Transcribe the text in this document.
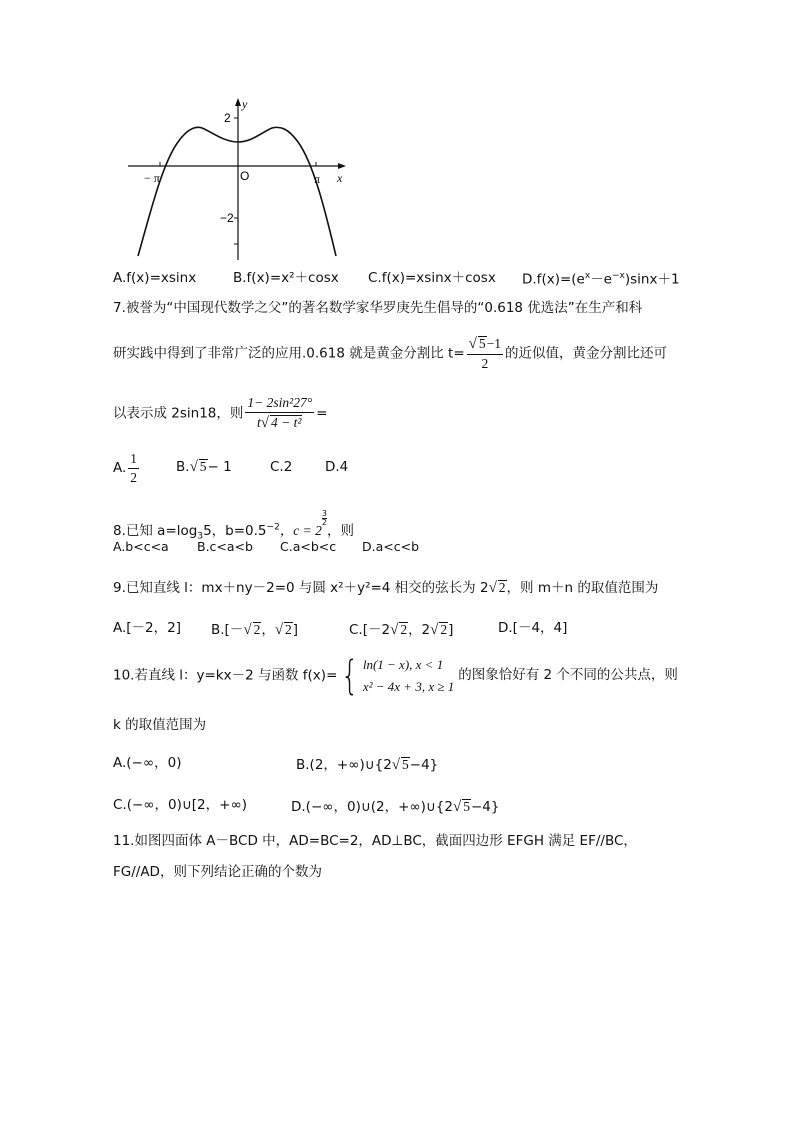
y
x
O
2
−2
− π	π
A.f(x)=xsinx	B.f(x)=x²＋cosx C.f(x)=xsinx＋cosx $D.f(x)=(e^x-e^{-x})\sin x+1$
7.被誉为“中国现代数学之父”的著名数学家华罗庚先生倡导的“0.618 优选法”在生产和科
研实践中得到了非常广泛的应用.0.618 就是黄金分割比 $t= \frac{√ 5-1}{2}$ 的近似值，黄金分割比还可
以表示成 2sin18，则 $\frac{\text{1− 2sin²27°}}{\text{t√ 4 − t²}}$ =
A. $\frac{1}{2}$	B.√ 5− 1	C.2 D.4
8.已知 $a=\log_35$，$b=0.5^{-2}$，c = 2
$\frac{3}{2}$
，则
A.b<c<a B.c<a<b C.a<b<c D.a<c<b
9.已知直线 l：mx＋ny－2=0 与圆 x²＋y²=4 相交的弦长为 2√ 2，则 m＋n 的取值范围为
A.[－2，2] B.[－√ 2，√ 2]	C.[－2√ 2，2√ 2]	D.[－4，4]
10.若直线 l：y=kx－2 与函数 f(x)={ ln(1 − x), x < 1
x² − 4x + 3, x ≥ 1
的图象恰好有 2 个不同的公共点，则
k 的取值范围为
A.(−∞，0)	B.(2，+∞)∪{2√ 5−4}
C.(−∞，0)∪[2，+∞)	D.(−∞，0)∪(2，+∞)∪{2√ 5−4}
11.如图四面体 A－BCD 中，AD=BC=2，AD⊥BC，截面四边形 EFGH 满足 EF//BC，
FG//AD，则下列结论正确的个数为
